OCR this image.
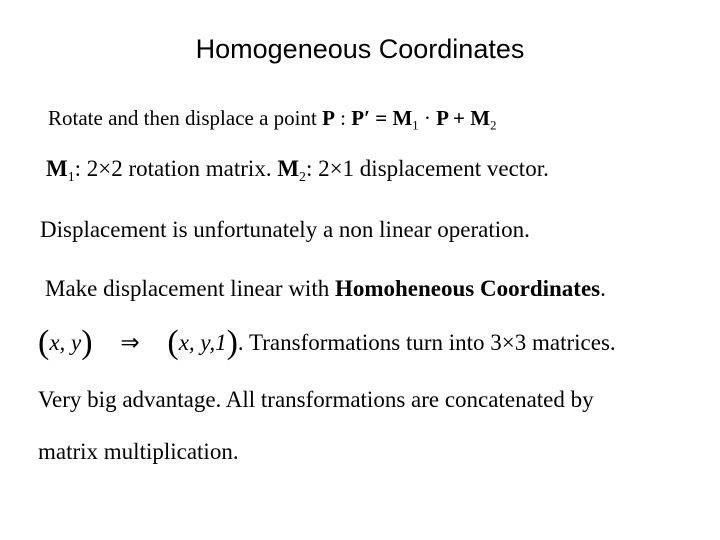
Homogeneous Coordinates
Rotate and then displace a point P : $P' = M_1 \cdot P + M_2$
$M_1$: 2×2 rotation matrix. $M_2$: 2×1 displacement vector.
Displacement is unfortunately a non linear operation.
Make displacement linear with Homoheneous Coordinates.
(x, y) ⇒ (x, y,1). Transformations turn into 3×3 matrices.
Very big advantage. All transformations are concatenated by
matrix multiplication.
